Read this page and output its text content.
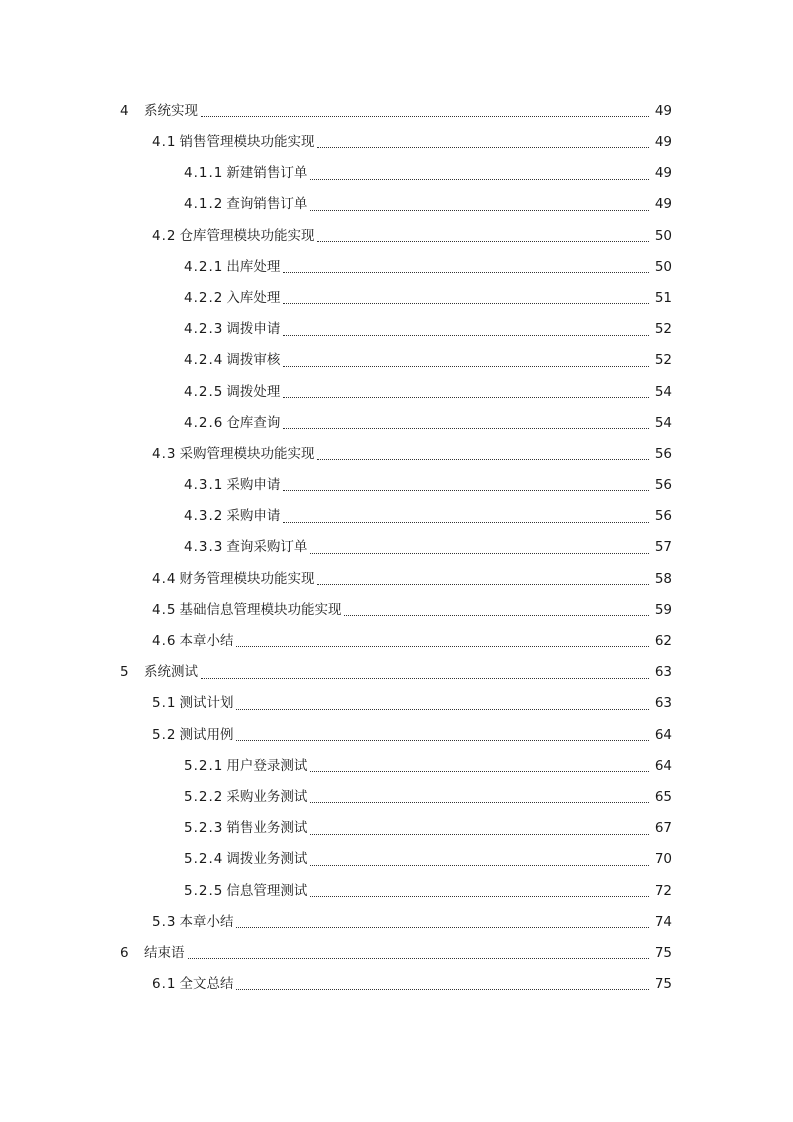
4	系统实现	49
4.1 销售管理模块功能实现	49
4.1.1 新建销售订单	49
4.1.2 查询销售订单	49
4.2 仓库管理模块功能实现	50
4.2.1 出库处理	50
4.2.2 入库处理	51
4.2.3 调拨申请	52
4.2.4 调拨审核	52
4.2.5 调拨处理	54
4.2.6 仓库查询	54
4.3 采购管理模块功能实现	56
4.3.1 采购申请	56
4.3.2 采购申请	56
4.3.3 查询采购订单	57
4.4 财务管理模块功能实现	58
4.5 基础信息管理模块功能实现	59
4.6 本章小结	62
5	系统测试	63
5.1 测试计划	63
5.2 测试用例	64
5.2.1 用户登录测试	64
5.2.2 采购业务测试	65
5.2.3 销售业务测试	67
5.2.4 调拨业务测试	70
5.2.5 信息管理测试	72
5.3 本章小结	74
6	结束语	75
6.1 全文总结	75
